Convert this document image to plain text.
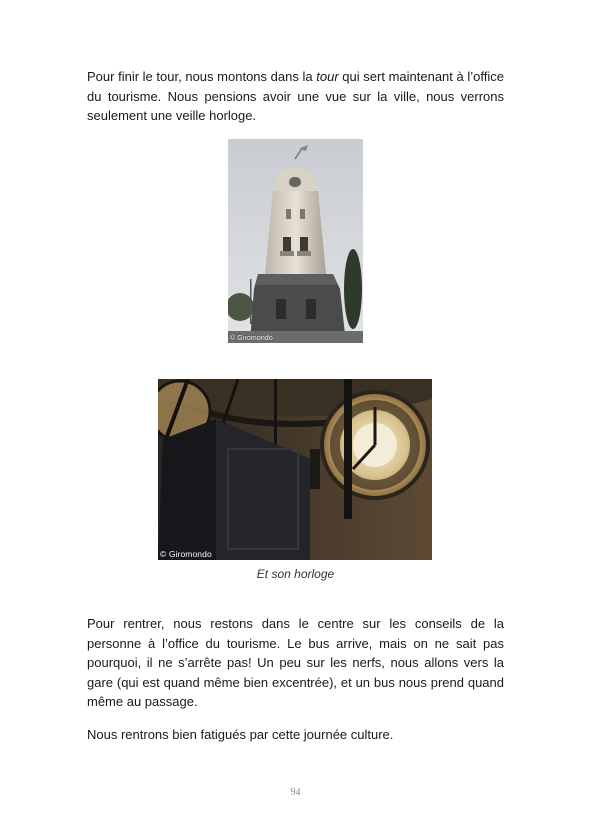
Pour finir le tour, nous montons dans la tour qui sert maintenant à l’office du tourisme. Nous pensions avoir une vue sur la ville, nous verrons seulement une veille horloge.

© Giromondo
© Giromondo
Et son horloge

Pour rentrer, nous restons dans le centre sur les conseils de la personne à l’office du tourisme. Le bus arrive, mais on ne sait pas pourquoi, il ne s’arrête pas! Un peu sur les nerfs, nous allons vers la gare (qui est quand même bien excentrée), et un bus nous prend quand même au passage.

Nous rentrons bien fatigués par cette journée culture.

94
